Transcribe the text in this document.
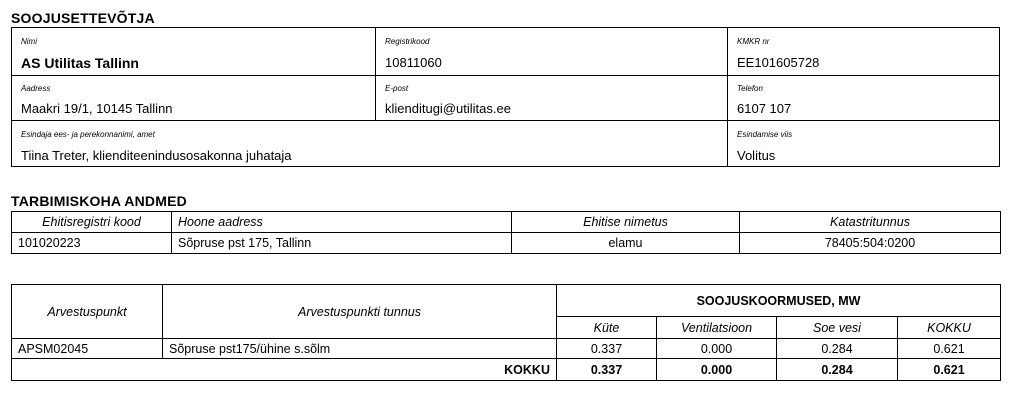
SOOJUSETTEVÕTJA
Nimi
AS Utilitas Tallinn
Registrikood
10811060
KMKR nr
EE101605728
Aadress
Maakri 19/1, 10145 Tallinn
E-post
klienditugi@utilitas.ee
Telefon
6107 107
Esindaja ees- ja perekonnanimi, amet
Tiina Treter, klienditeenindusosakonna juhataja
Esindamise viis
Volitus
TARBIMISKOHA ANDMED
Ehitisregistri kood	Hoone aadress	Ehitise nimetus	Katastritunnus
101020223	Sõpruse pst 175, Tallinn	elamu	78405:504:0200
Arvestuspunkt	Arvestuspunkti tunnus	SOOJUSKOORMUSED, MW			
		Küte	Ventilatsioon	Soe vesi	KOKKU
APSM02045	Sõpruse pst175/ühine s.sõlm	0.337	0.000	0.284	0.621
KOKKU		0.337	0.000	0.284	0.621
